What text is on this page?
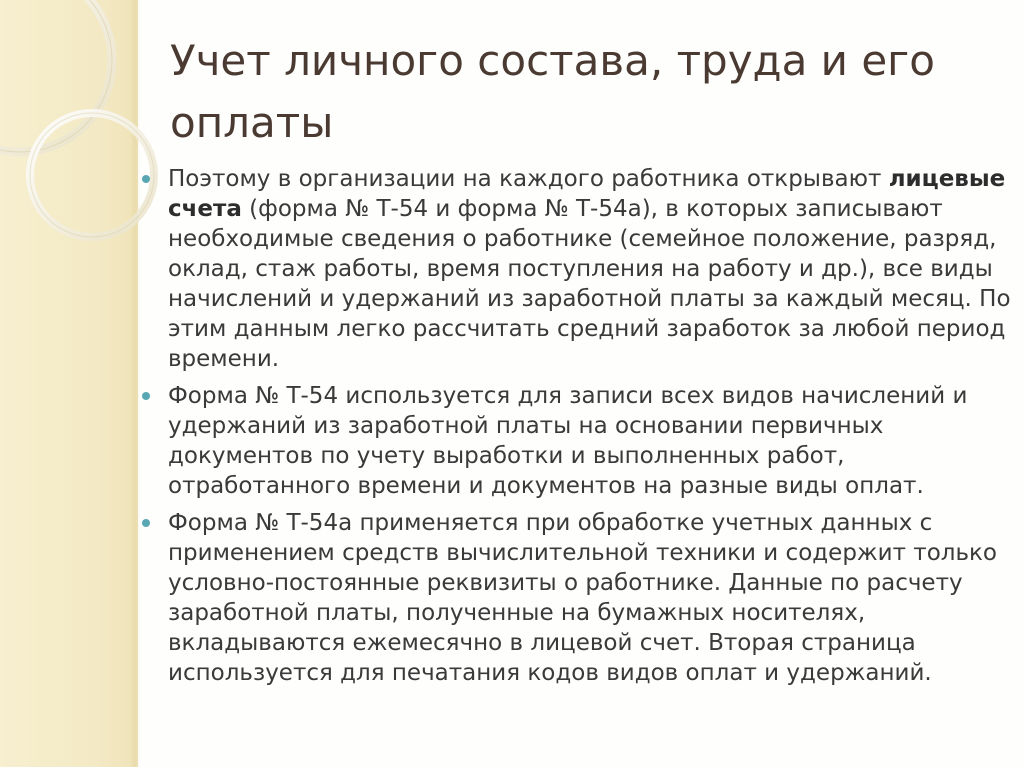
Учет личного состава, труда и его оплаты
Поэтому в организации на каждого работника открывают лицевые счета (форма № Т-54 и форма № Т-54а), в которых записывают необходимые сведения о работнике (семейное положение, разряд, оклад, стаж работы, время поступления на работу и др.), все виды начислений и удержаний из заработной платы за каждый месяц. По этим данным легко рассчитать средний заработок за любой период времени.
Форма № Т-54 используется для записи всех видов начислений и удержаний из заработной платы на основании первичных документов по учету выработки и выполненных работ, отработанного времени и документов на разные виды оплат.
Форма № Т-54а применяется при обработке учетных данных с применением средств вычислительной техники и содержит только условно-постоянные реквизиты о работнике. Данные по расчету заработной платы, полученные на бумажных носителях, вкладываются ежемесячно в лицевой счет. Вторая страница используется для печатания кодов видов оплат и удержаний.
